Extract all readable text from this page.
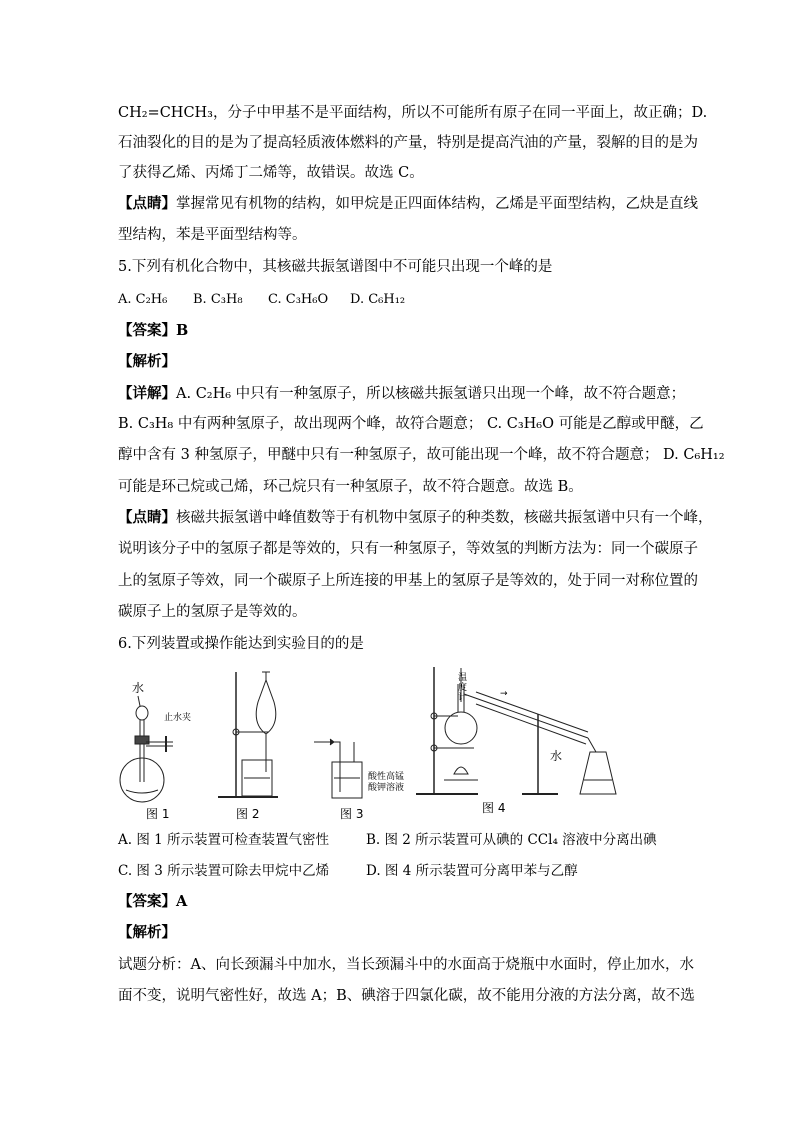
CH₂=CHCH₃，分子中甲基不是平面结构，所以不可能所有原子在同一平面上，故正确；D.
石油裂化的目的是为了提高轻质液体燃料的产量，特别是提高汽油的产量，裂解的目的是为
了获得乙烯、丙烯丁二烯等，故错误。故选 C。
【点睛】掌握常见有机物的结构，如甲烷是正四面体结构，乙烯是平面型结构，乙炔是直线
型结构，苯是平面型结构等。
5.下列有机化合物中，其核磁共振氢谱图中不可能只出现一个峰的是
A. C₂H₆ B. C₃H₈ C. C₃H₆O D. C₆H₁₂
【答案】B
【解析】
【详解】A. C₂H₆ 中只有一种氢原子，所以核磁共振氢谱只出现一个峰，故不符合题意；
B. C₃H₈ 中有两种氢原子，故出现两个峰，故符合题意； C. C₃H₆O 可能是乙醇或甲醚，乙
醇中含有 3 种氢原子，甲醚中只有一种氢原子，故可能出现一个峰，故不符合题意； D. C₆H₁₂
可能是环己烷或己烯，环己烷只有一种氢原子，故不符合题意。故选 B。
【点睛】核磁共振氢谱中峰值数等于有机物中氢原子的种类数，核磁共振氢谱中只有一个峰，
说明该分子中的氢原子都是等效的，只有一种氢原子，等效氢的判断方法为：同一个碳原子
上的氢原子等效，同一个碳原子上所连接的甲基上的氢原子是等效的，处于同一对称位置的
碳原子上的氢原子是等效的。
6.下列装置或操作能达到实验目的的是
水
止水夹
图 1	图 2
酸性高锰
酸钾溶液
图 3
温
度
计	→
水
图 4
A. 图 1 所示装置可检查装置气密性	B. 图 2 所示装置可从碘的 CCl₄ 溶液中分离出碘
C. 图 3 所示装置可除去甲烷中乙烯	D. 图 4 所示装置可分离甲苯与乙醇
【答案】A
【解析】
试题分析：A、向长颈漏斗中加水，当长颈漏斗中的水面高于烧瓶中水面时，停止加水，水
面不变，说明气密性好，故选 A；B、碘溶于四氯化碳，故不能用分液的方法分离，故不选
